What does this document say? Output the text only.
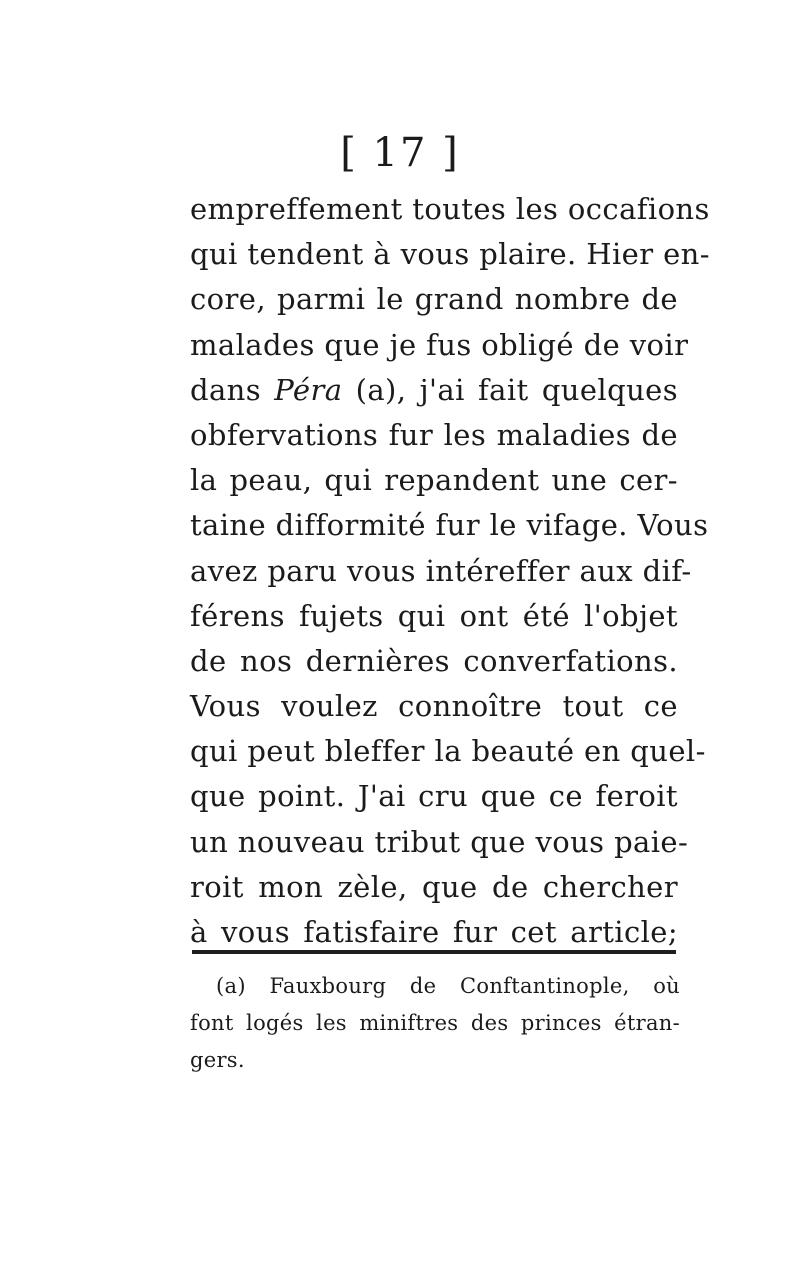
[ 17 ]
empreffement toutes les occafions
qui tendent à vous plaire. Hier en-
core, parmi le grand nombre de
malades que je fus obligé de voir
dans Péra (a), j'ai fait quelques
obfervations fur les maladies de
la peau, qui repandent une cer-
taine difformité fur le vifage. Vous
avez paru vous intéreffer aux dif-
férens fujets qui ont été l'objet
de nos dernières converfations.
Vous voulez connoître tout ce
qui peut bleffer la beauté en quel-
que point. J'ai cru que ce feroit
un nouveau tribut que vous paie-
roit mon zèle, que de chercher
à vous fatisfaire fur cet article;
(a) Fauxbourg de Conftantinople, où
font logés les miniftres des princes étran-
gers.
